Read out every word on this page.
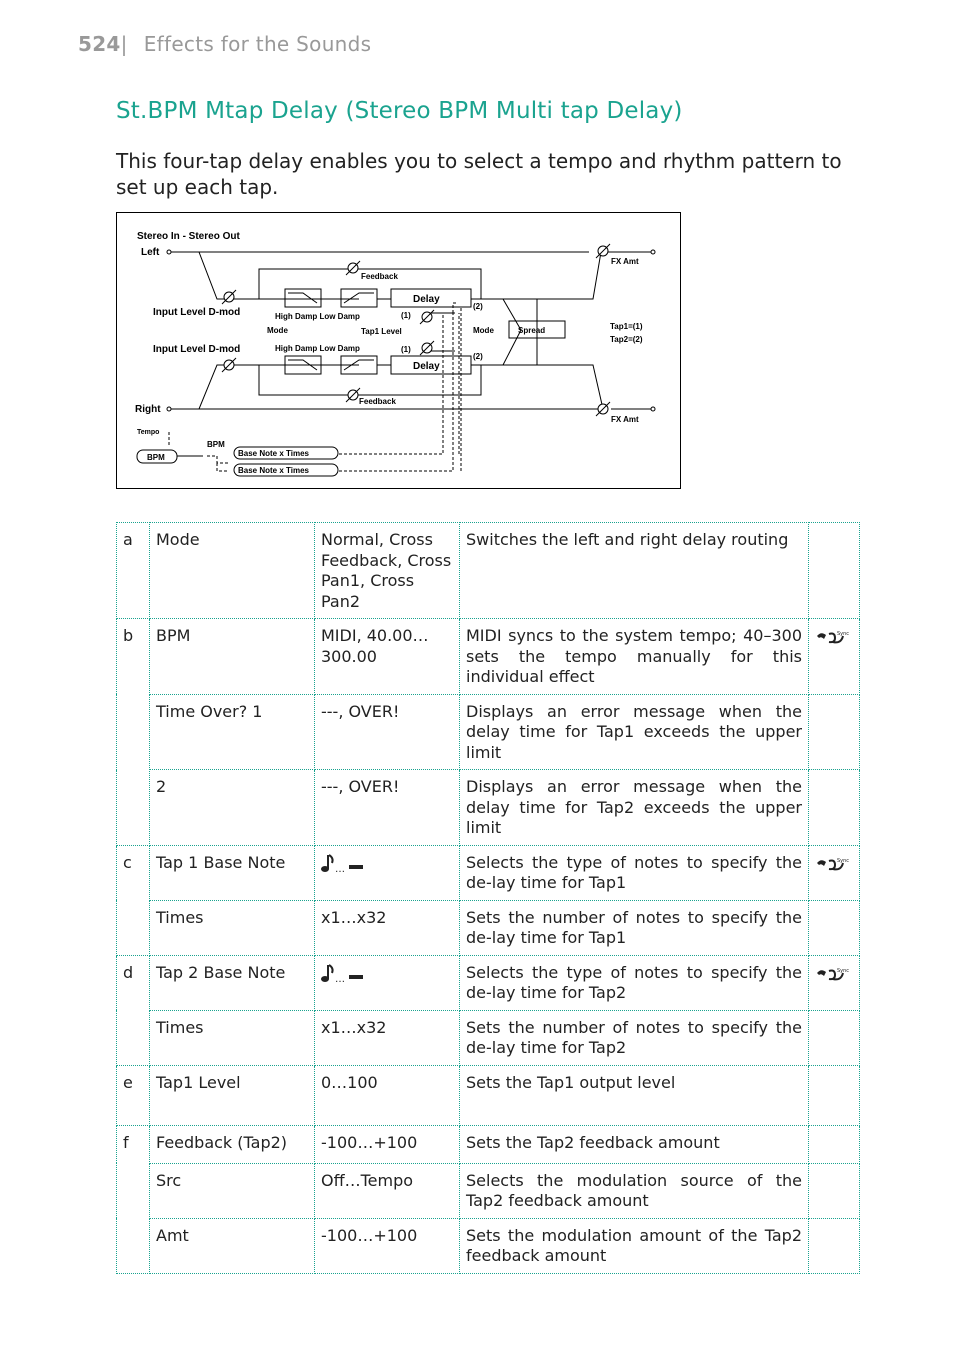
524| Effects for the Sounds
St.BPM Mtap Delay (Stereo BPM Multi tap Delay)
This four-tap delay enables you to select a tempo and rhythm pattern to set up each tap.
Stereo In - Stereo Out
Left
Right
Input Level D-mod
Input Level D-mod
Feedback
Feedback
High Damp Low Damp
High Damp Low Damp
Mode	Tap1 Level
Delay
Delay
(1)
(1)
(2)
(2)
Mode	Spread
FX Amt
FX Amt
Tap1=(1)
Tap2=(2)
Tempo
BPM
BPM	Base Note x Times
Base Note x Times
a	Mode	Normal, Cross Feedback, Cross Pan1, Cross Pan2	Switches the left and right delay routing	
b	BPM	MIDI, 40.00…300.00	MIDI syncs to the system tempo; 40–300 sets the tempo manually for this individual effect	Sync

	Time Over? 1	---, OVER!	Displays an error message when the delay time for Tap1 exceeds the upper limit	
	2	---, OVER!	Displays an error message when the delay time for Tap2 exceeds the upper limit	
c	Tap 1 Base Note	…	Selects the type of notes to specify the de-lay time for Tap1	Sync

	Times	x1…x32	Sets the number of notes to specify the de-lay time for Tap1	
d	Tap 2 Base Note	…	Selects the type of notes to specify the de-lay time for Tap2	Sync

	Times	x1…x32	Sets the number of notes to specify the de-lay time for Tap2	
e	Tap1 Level	0…100	Sets the Tap1 output level	
f	Feedback (Tap2)	-100…+100	Sets the Tap2 feedback amount	
	Src	Off…Tempo	Selects the modulation source of the Tap2 feedback amount	
	Amt	-100…+100	Sets the modulation amount of the Tap2 feedback amount	
